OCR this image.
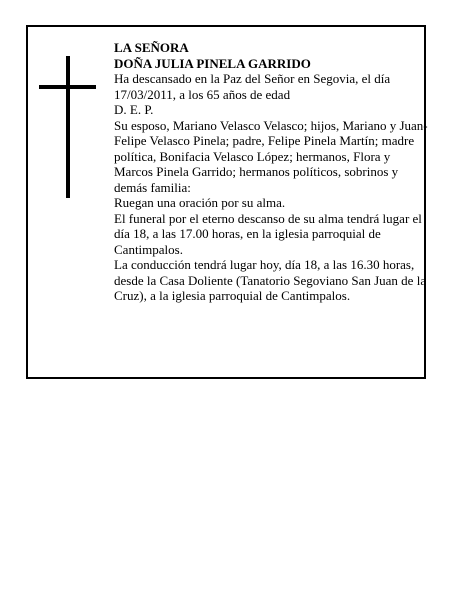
LA SEÑORA

DOÑA JULIA PINELA GARRIDO

Ha descansado en la Paz del Señor en Segovia, el día 17/03/2011, a los 65 años de edad

D. E. P.

Su esposo, Mariano Velasco Velasco; hijos, Mariano y Juan-Felipe Velasco Pinela; padre, Felipe Pinela Martín; madre política, Bonifacia Velasco López; hermanos, Flora y Marcos Pinela Garrido; hermanos políticos, sobrinos y demás familia:

Ruegan una oración por su alma.

El funeral por el eterno descanso de su alma tendrá lugar el día 18, a las 17.00 horas, en la iglesia parroquial de Cantimpalos.

La conducción tendrá lugar hoy, día 18, a las 16.30 horas, desde la Casa Doliente (Tanatorio Segoviano San Juan de la Cruz), a la iglesia parroquial de Cantimpalos.
